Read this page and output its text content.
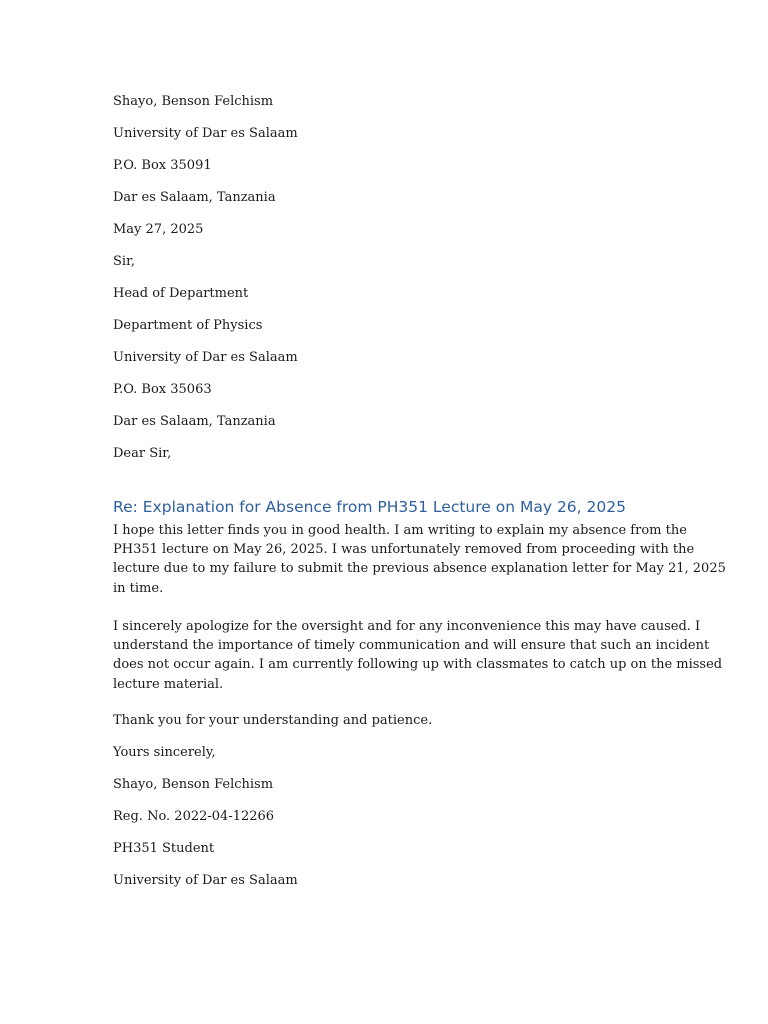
Shayo, Benson Felchism
University of Dar es Salaam
P.O. Box 35091
Dar es Salaam, Tanzania
May 27, 2025
Sir,
Head of Department
Department of Physics
University of Dar es Salaam
P.O. Box 35063
Dar es Salaam, Tanzania
Dear Sir,
Re: Explanation for Absence from PH351 Lecture on May 26, 2025
I hope this letter finds you in good health. I am writing to explain my absence from the
PH351 lecture on May 26, 2025. I was unfortunately removed from proceeding with the
lecture due to my failure to submit the previous absence explanation letter for May 21, 2025
in time.
I sincerely apologize for the oversight and for any inconvenience this may have caused. I
understand the importance of timely communication and will ensure that such an incident
does not occur again. I am currently following up with classmates to catch up on the missed
lecture material.
Thank you for your understanding and patience.
Yours sincerely,
Shayo, Benson Felchism
Reg. No. 2022-04-12266
PH351 Student
University of Dar es Salaam
